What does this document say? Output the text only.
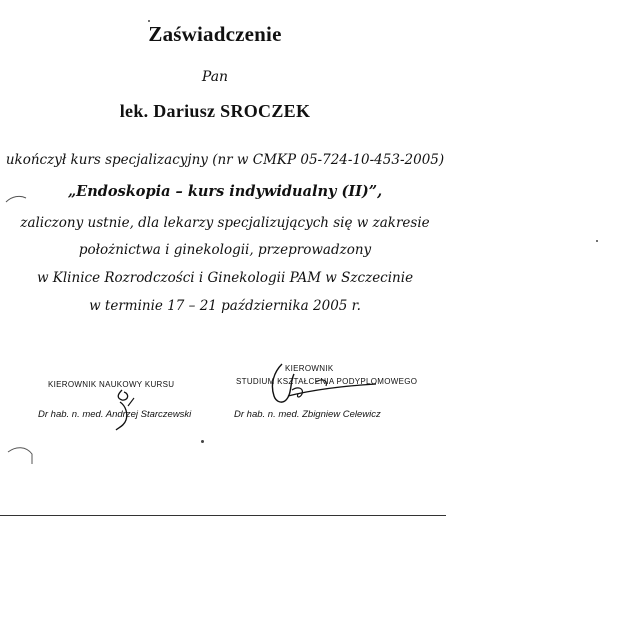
Zaświadczenie
Pan
lek. Dariusz SROCZEK
ukończył kurs specjalizacyjny (nr w CMKP 05-724-10-453-2005)
„Endoskopia – kurs indywidualny (II)”,
zaliczony ustnie, dla lekarzy specjalizujących się w zakresie
położnictwa i ginekologii, przeprowadzony
w Klinice Rozrodczości i Ginekologii PAM w Szczecinie
w terminie 17 – 21 października 2005 r.
KIEROWNIK NAUKOWY KURSU
Dr hab. n. med. Andrzej Starczewski
KIEROWNIK
STUDIUM KSZTAŁCENIA PODYPLOMOWEGO
Dr hab. n. med. Zbigniew Celewicz
